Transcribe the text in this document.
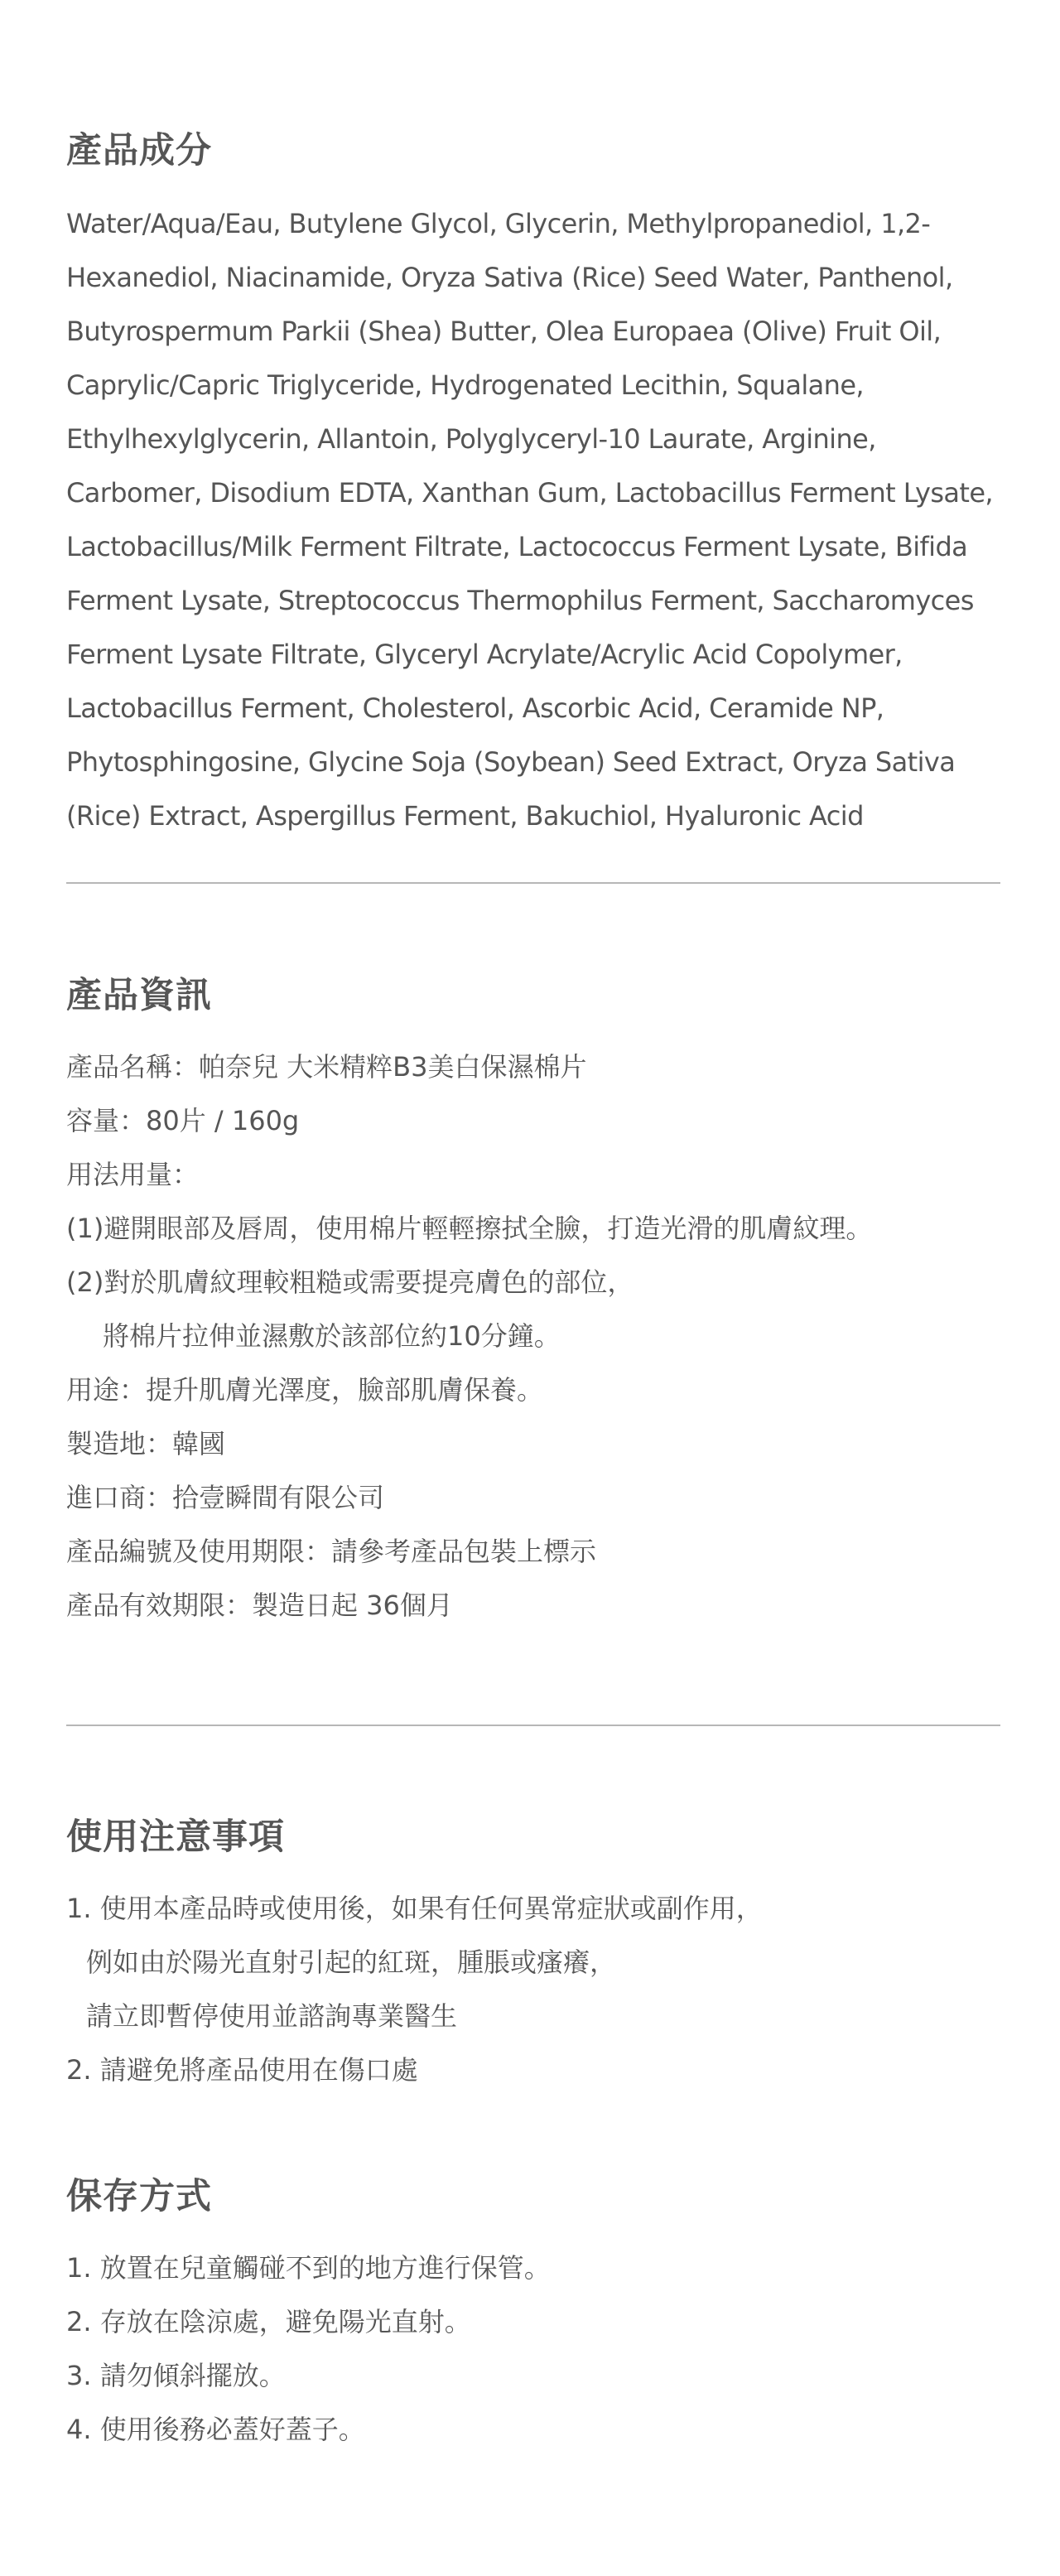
產品成分

Water/Aqua/Eau, Butylene Glycol, Glycerin, Methylpropanediol, 1,2-Hexanediol, Niacinamide, Oryza Sativa (Rice) Seed Water, Panthenol, Butyrospermum Parkii (Shea) Butter, Olea Europaea (Olive) Fruit Oil, Caprylic/Capric Triglyceride, Hydrogenated Lecithin, Squalane, Ethylhexylglycerin, Allantoin, Polyglyceryl-10 Laurate, Arginine, Carbomer, Disodium EDTA, Xanthan Gum, Lactobacillus Ferment Lysate, Lactobacillus/Milk Ferment Filtrate, Lactococcus Ferment Lysate, Bifida Ferment Lysate, Streptococcus Thermophilus Ferment, Saccharomyces Ferment Lysate Filtrate, Glyceryl Acrylate/Acrylic Acid Copolymer, Lactobacillus Ferment, Cholesterol, Ascorbic Acid, Ceramide NP, Phytosphingosine, Glycine Soja (Soybean) Seed Extract, Oryza Sativa (Rice) Extract, Aspergillus Ferment, Bakuchiol, Hyaluronic Acid

產品資訊
產品名稱：帕奈兒 大米精粹B3美白保濕棉片
容量：80片 / 160g
用法用量：
(1)避開眼部及唇周，使用棉片輕輕擦拭全臉，打造光滑的肌膚紋理。
(2)對於肌膚紋理較粗糙或需要提亮膚色的部位，
將棉片拉伸並濕敷於該部位約10分鐘。
用途：提升肌膚光澤度，臉部肌膚保養。
製造地：韓國
進口商：拾壹瞬間有限公司
產品編號及使用期限：請參考產品包裝上標示
產品有效期限：製造日起 36個月
使用注意事項
1. 使用本產品時或使用後，如果有任何異常症狀或副作用，
例如由於陽光直射引起的紅斑，腫脹或瘙癢，
請立即暫停使用並諮詢專業醫生
2. 請避免將產品使用在傷口處
保存方式
1. 放置在兒童觸碰不到的地方進行保管。
2. 存放在陰涼處，避免陽光直射。
3. 請勿傾斜擺放。
4. 使用後務必蓋好蓋子。
